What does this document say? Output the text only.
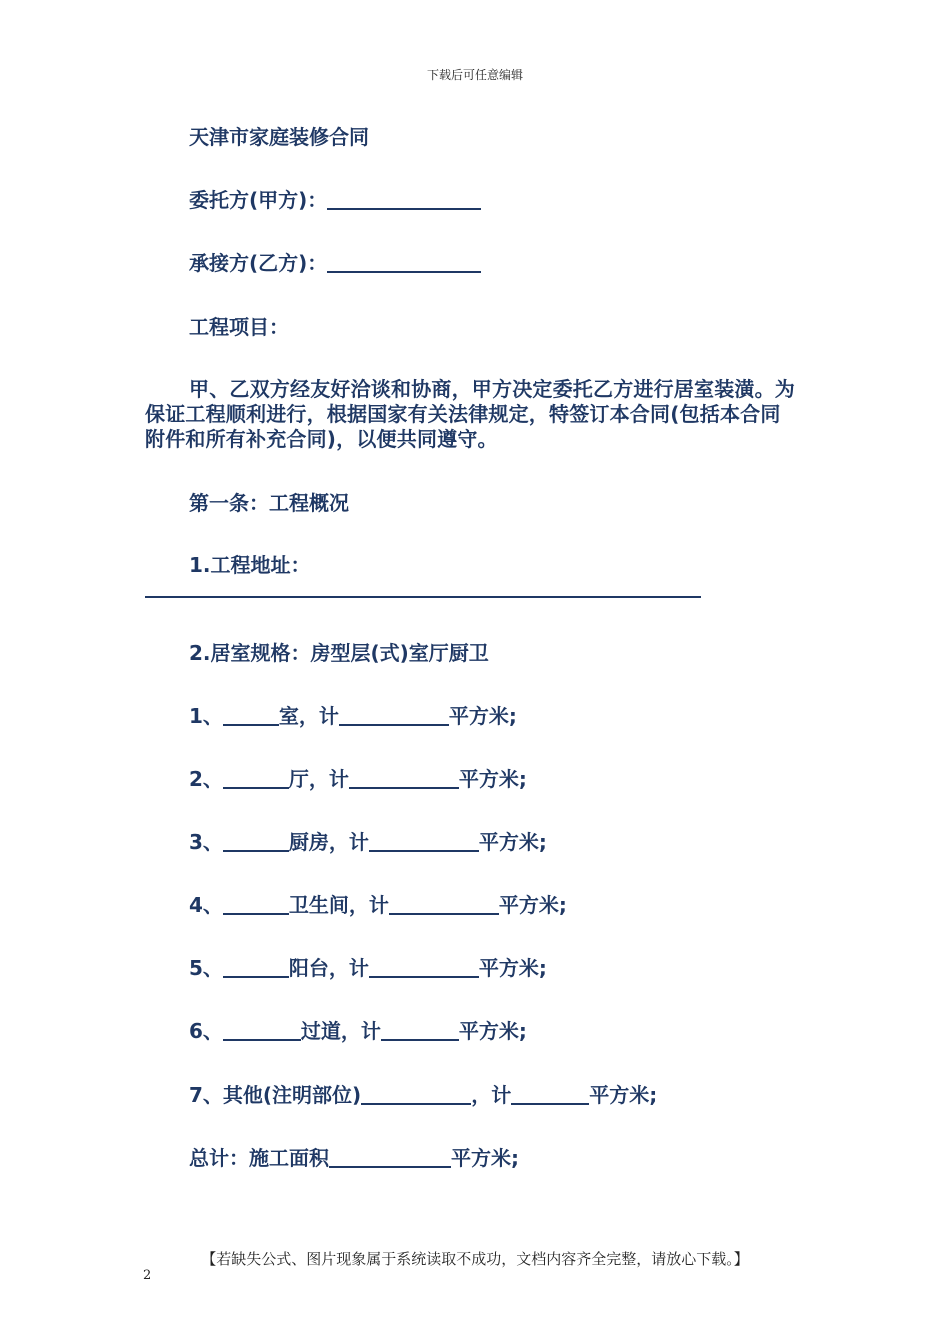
下载后可任意编辑
天津市家庭装修合同
委托方(甲方)：
承接方(乙方)：
工程项目：
甲、乙双方经友好洽谈和协商，甲方决定委托乙方进行居室装潢。为保证工程顺利进行，根据国家有关法律规定，特签订本合同(包括本合同附件和所有补充合同)，以便共同遵守。
第一条：工程概况
1.工程地址：
2.居室规格：房型层(式)室厅厨卫
1、	室，计	平方米;
2、	厅，计	平方米;
3、	厨房，计	平方米;
4、	卫生间，计	平方米;
5、	阳台，计	平方米;
6、	过道，计	平方米;
7、其他(注明部位)	，计	平方米;
总计：施工面积	平方米;
【若缺失公式、图片现象属于系统读取不成功，文档内容齐全完整，请放心下载。】
2
